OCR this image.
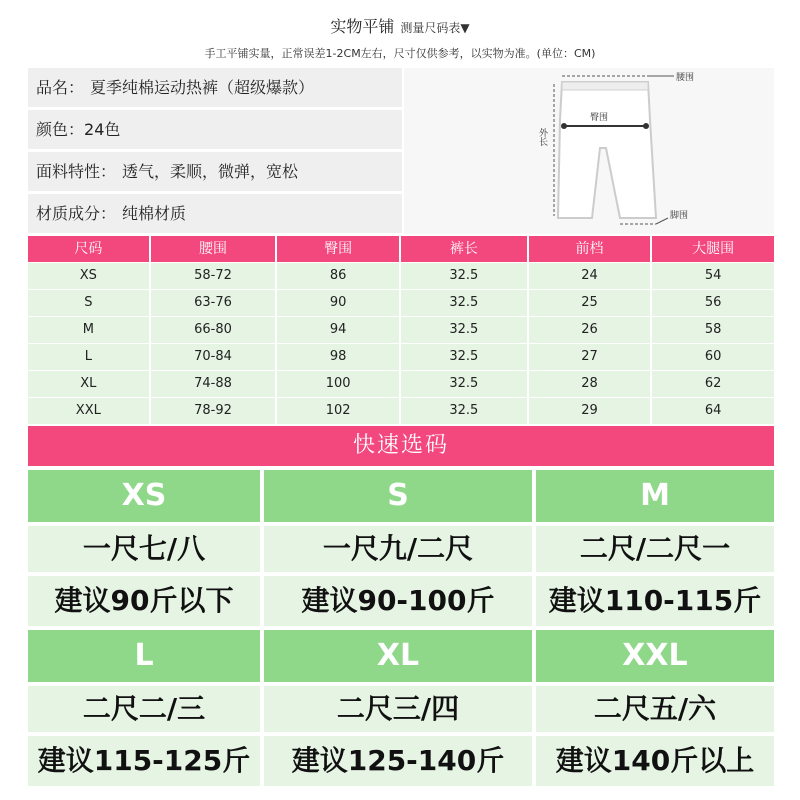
实物平铺 测量尺码表▼
手工平铺实量，正常误差1-2CM左右，尺寸仅供参考，以实物为准。(单位：CM)
品名： 夏季纯棉运动热裤（超级爆款）
颜色：24色
面料特性： 透气，柔顺，微弹，宽松
材质成分： 纯棉材质
腰围
臀围
外长
脚围
尺码	腰围	臀围	裤长	前档	大腿围
XS	58-72	86	32.5	24	54
S	63-76	90	32.5	25	56
M	66-80	94	32.5	26	58
L	70-84	98	32.5	27	60
XL	74-88	100	32.5	28	62
XXL	78-92	102	32.5	29	64
快速选码
XS	S	M
一尺七/八	一尺九/二尺	二尺/二尺一
建议90斤以下	建议90-100斤	建议110-115斤
L	XL	XXL
二尺二/三	二尺三/四	二尺五/六
建议115-125斤	建议125-140斤	建议140斤以上
